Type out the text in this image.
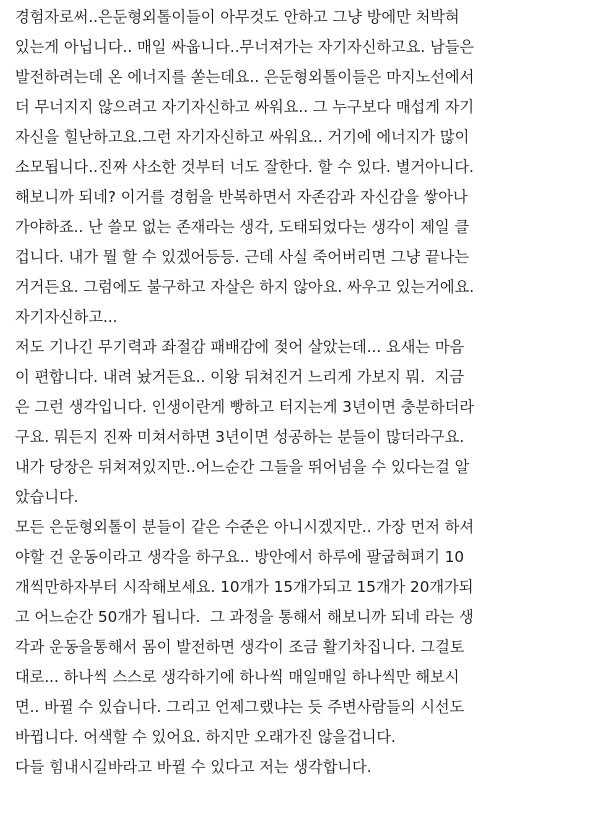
경험자로써..은둔형외톨이들이 아무것도 안하고 그냥 방에만 처박혀
있는게 아닙니다.. 매일 싸웁니다..무너져가는 자기자신하고요. 남들은
발전하려는데 온 에너지를 쏟는데요.. 은둔형외톨이들은 마지노선에서
더 무너지지 않으려고 자기자신하고 싸워요.. 그 누구보다 매섭게 자기
자신을 힐난하고요.그런 자기자신하고 싸워요.. 거기에 에너지가 많이
소모됩니다..진짜 사소한 것부터 너도 잘한다. 할 수 있다. 별거아니다.
해보니까 되네? 이거를 경험을 반복하면서 자존감과 자신감을 쌓아나
가야하죠.. 난 쓸모 없는 존재라는 생각, 도태되었다는 생각이 제일 클
겁니다. 내가 뭘 할 수 있겠어등등. 근데 사실 죽어버리면 그냥 끝나는
거거든요. 그럼에도 불구하고 자살은 하지 않아요. 싸우고 있는거에요.
자기자신하고...
저도 기나긴 무기력과 좌절감 패배감에 젖어 살았는데... 요새는 마음
이 편합니다. 내려 놨거든요.. 이왕 뒤쳐진거 느리게 가보지 뭐.  지금
은 그런 생각입니다. 인생이란게 빵하고 터지는게 3년이면 충분하더라
구요. 뭐든지 진짜 미쳐서하면 3년이면 성공하는 분들이 많더라구요.
내가 당장은 뒤쳐져있지만..어느순간 그들을 뛰어넘을 수 있다는걸 알
았습니다.
모든 은둔형외톨이 분들이 같은 수준은 아니시겠지만.. 가장 먼저 하셔
야할 건 운동이라고 생각을 하구요.. 방안에서 하루에 팔굽혀펴기 10
개씩만하자부터 시작해보세요. 10개가 15개가되고 15개가 20개가되
고 어느순간 50개가 됩니다.  그 과정을 통해서 해보니까 되네 라는 생
각과 운동을통해서 몸이 발전하면 생각이 조금 활기차집니다. 그걸토
대로... 하나씩 스스로 생각하기에 하나씩 매일매일 하나씩만 해보시
면.. 바뀔 수 있습니다. 그리고 언제그랬냐는 듯 주변사람들의 시선도
바뀝니다. 어색할 수 있어요. 하지만 오래가진 않을겁니다.
다들 힘내시길바라고 바뀔 수 있다고 저는 생각합니다.
